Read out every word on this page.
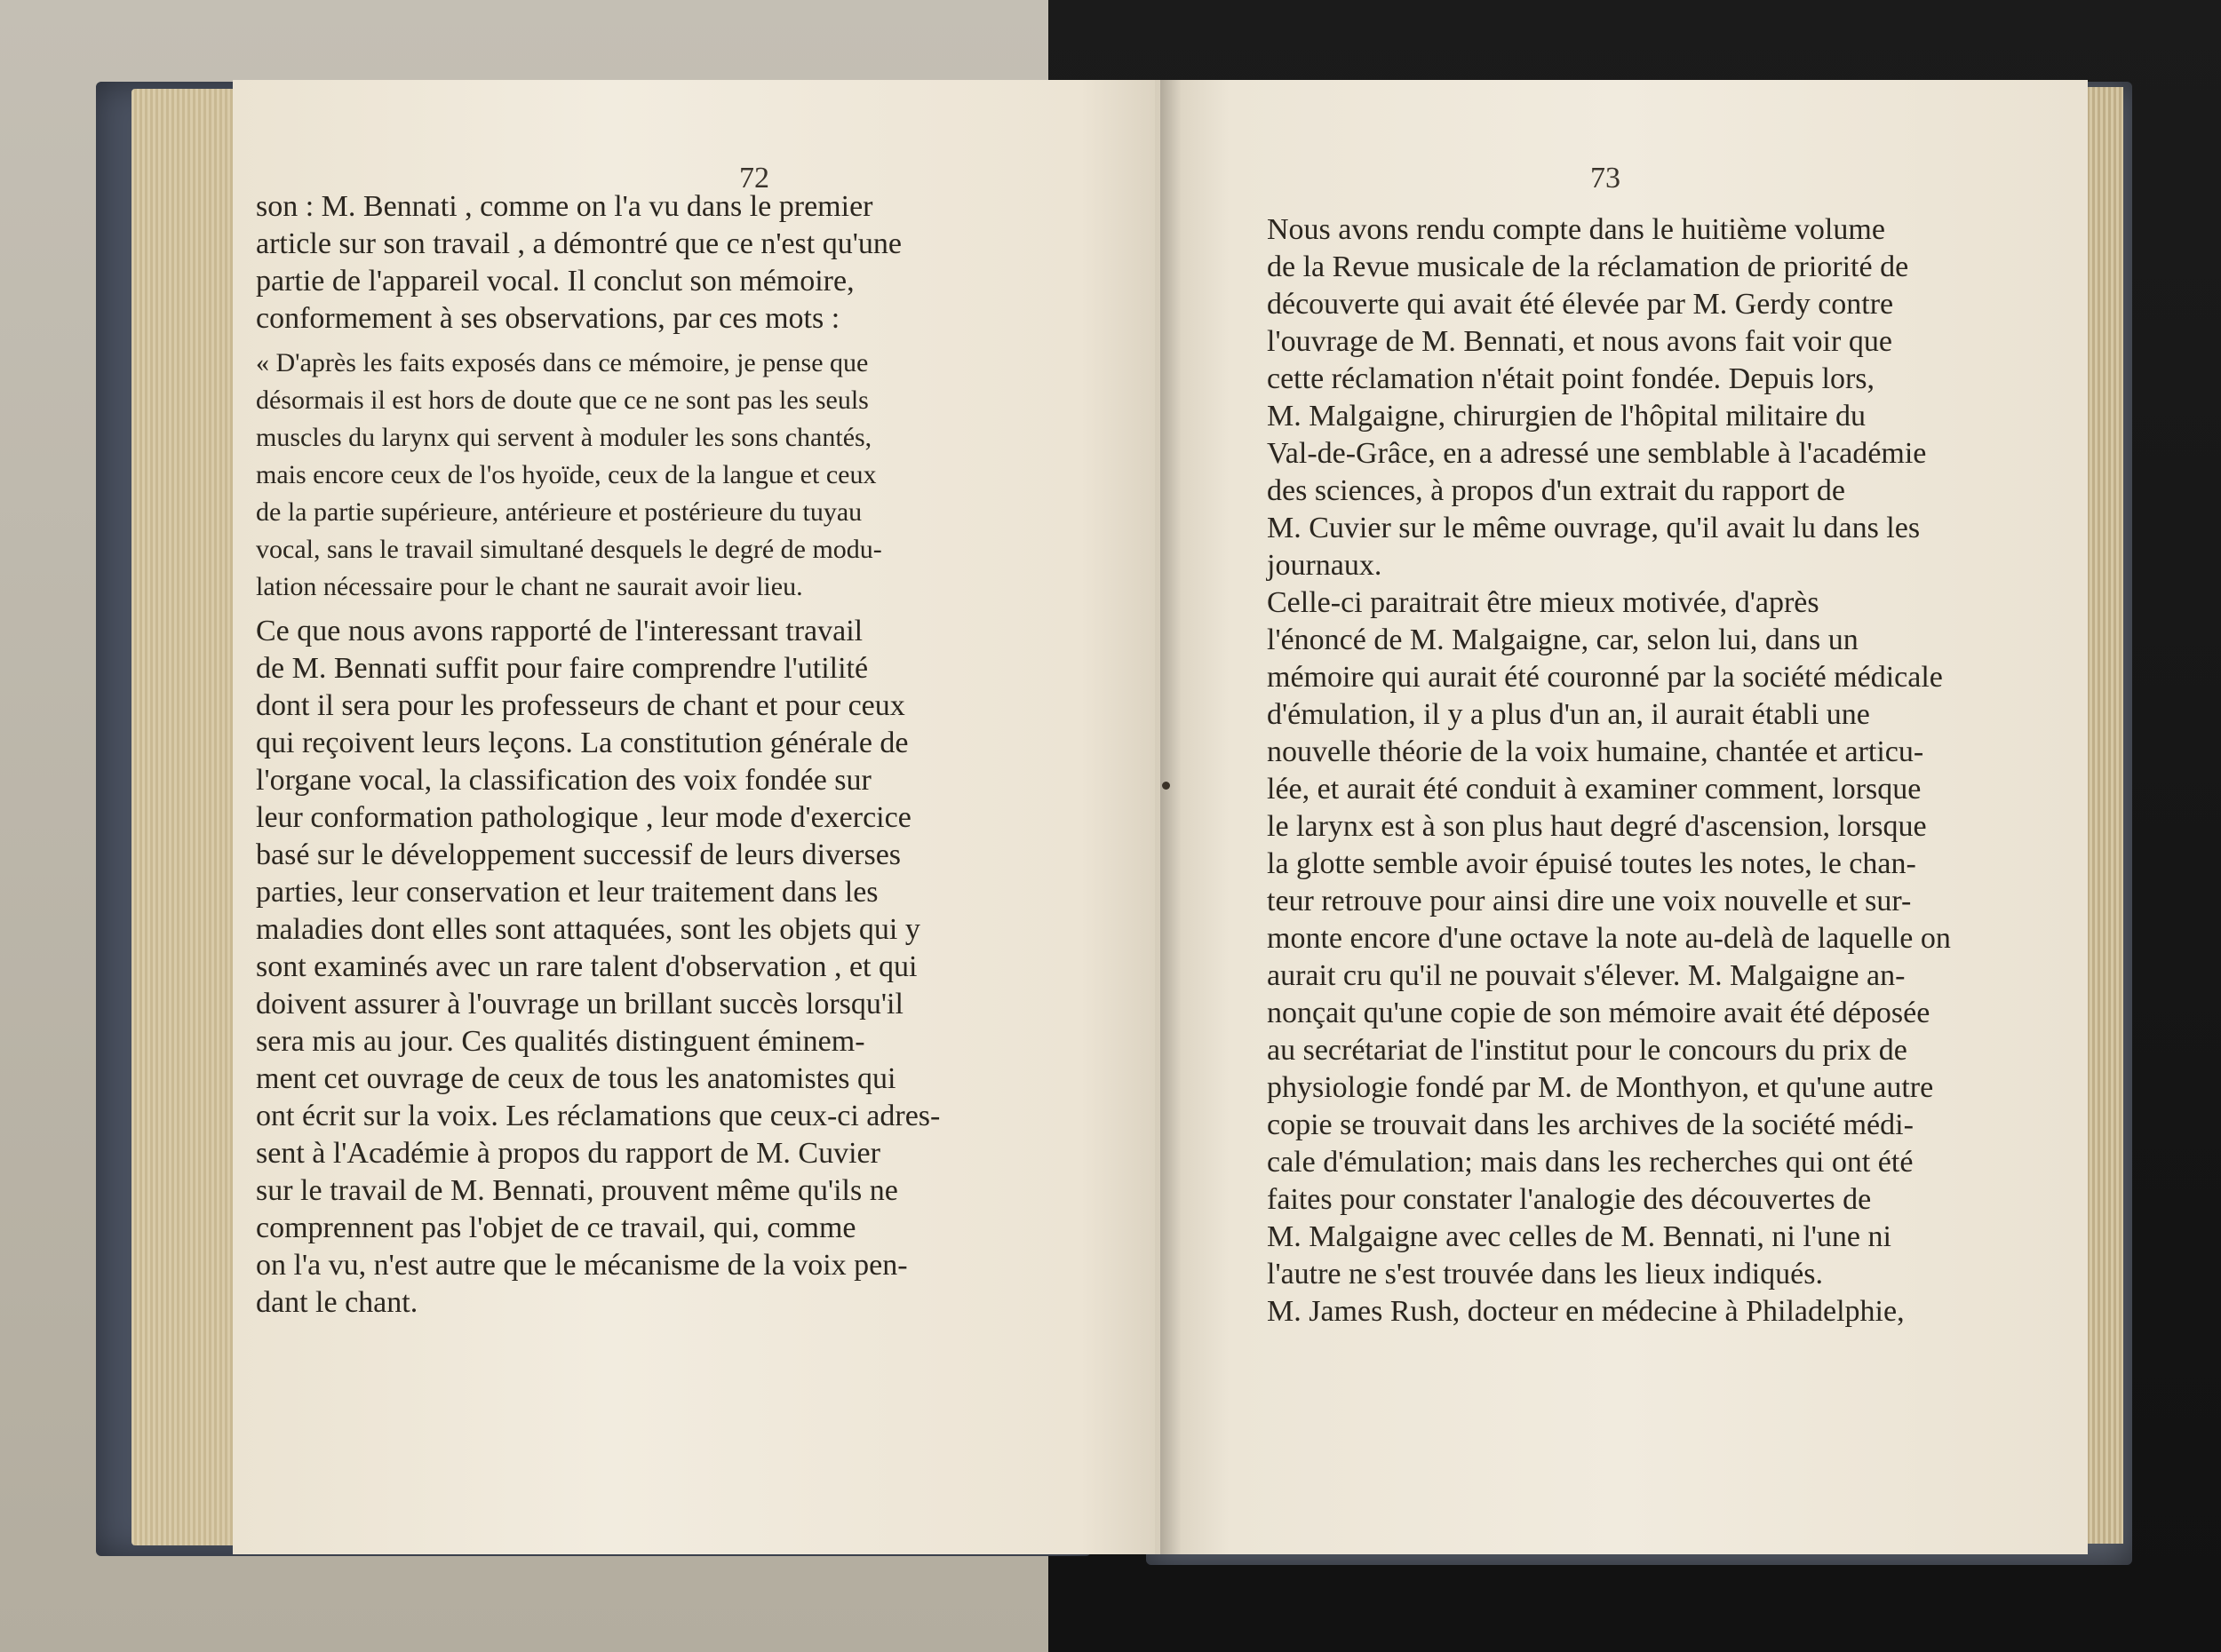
72
son : M. Bennati , comme on l'a vu dans le premier
article sur son travail , a démontré que ce n'est qu'une
partie de l'appareil vocal. Il conclut son mémoire,
conformement à ses observations, par ces mots :
« D'après les faits exposés dans ce mémoire, je pense que
désormais il est hors de doute que ce ne sont pas les seuls
muscles du larynx qui servent à moduler les sons chantés,
mais encore ceux de l'os hyoïde, ceux de la langue et ceux
de la partie supérieure, antérieure et postérieure du tuyau
vocal, sans le travail simultané desquels le degré de modu-
lation nécessaire pour le chant ne saurait avoir lieu.
Ce que nous avons rapporté de l'interessant travail
de M. Bennati suffit pour faire comprendre l'utilité
dont il sera pour les professeurs de chant et pour ceux
qui reçoivent leurs leçons. La constitution générale de
l'organe vocal, la classification des voix fondée sur
leur conformation pathologique , leur mode d'exercice
basé sur le développement successif de leurs diverses
parties, leur conservation et leur traitement dans les
maladies dont elles sont attaquées, sont les objets qui y
sont examinés avec un rare talent d'observation , et qui
doivent assurer à l'ouvrage un brillant succès lorsqu'il
sera mis au jour. Ces qualités distinguent éminem-
ment cet ouvrage de ceux de tous les anatomistes qui
ont écrit sur la voix. Les réclamations que ceux-ci adres-
sent à l'Académie à propos du rapport de M. Cuvier
sur le travail de M. Bennati, prouvent même qu'ils ne
comprennent pas l'objet de ce travail, qui, comme
on l'a vu, n'est autre que le mécanisme de la voix pen-
dant le chant.
73
Nous avons rendu compte dans le huitième volume
de la Revue musicale de la réclamation de priorité de
découverte qui avait été élevée par M. Gerdy contre
l'ouvrage de M. Bennati, et nous avons fait voir que
cette réclamation n'était point fondée. Depuis lors,
M. Malgaigne, chirurgien de l'hôpital militaire du
Val-de-Grâce, en a adressé une semblable à l'académie
des sciences, à propos d'un extrait du rapport de
M. Cuvier sur le même ouvrage, qu'il avait lu dans les
journaux.
Celle-ci paraitrait être mieux motivée, d'après
l'énoncé de M. Malgaigne, car, selon lui, dans un
mémoire qui aurait été couronné par la société médicale
d'émulation, il y a plus d'un an, il aurait établi une
nouvelle théorie de la voix humaine, chantée et articu-
lée, et aurait été conduit à examiner comment, lorsque
le larynx est à son plus haut degré d'ascension, lorsque
la glotte semble avoir épuisé toutes les notes, le chan-
teur retrouve pour ainsi dire une voix nouvelle et sur-
monte encore d'une octave la note au-delà de laquelle on
aurait cru qu'il ne pouvait s'élever. M. Malgaigne an-
nonçait qu'une copie de son mémoire avait été déposée
au secrétariat de l'institut pour le concours du prix de
physiologie fondé par M. de Monthyon, et qu'une autre
copie se trouvait dans les archives de la société médi-
cale d'émulation; mais dans les recherches qui ont été
faites pour constater l'analogie des découvertes de
M. Malgaigne avec celles de M. Bennati, ni l'une ni
l'autre ne s'est trouvée dans les lieux indiqués.
M. James Rush, docteur en médecine à Philadelphie,
